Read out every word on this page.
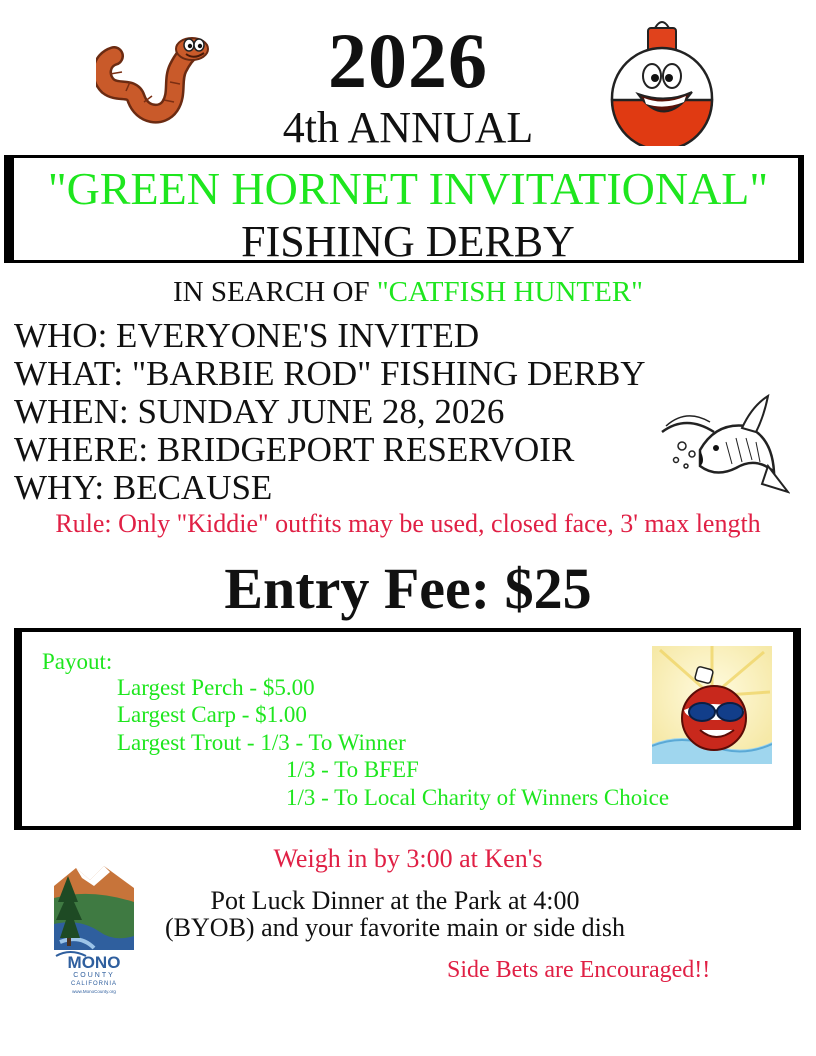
2026
4th ANNUAL
"GREEN HORNET INVITATIONAL"
FISHING DERBY
IN SEARCH OF "CATFISH HUNTER"
WHO: EVERYONE'S INVITED
WHAT: "BARBIE ROD" FISHING DERBY
WHEN: SUNDAY JUNE 28, 2026
WHERE: BRIDGEPORT RESERVOIR
WHY: BECAUSE
Rule: Only "Kiddie" outfits may be used, closed face, 3' max length
Entry Fee: $25
Payout:
Largest Perch - $5.00
Largest Carp - $1.00
Largest Trout - 1/3 - To Winner
1/3 - To BFEF
1/3 - To Local Charity of Winners Choice
Weigh in by 3:00 at Ken's
Pot Luck Dinner at the Park at 4:00
(BYOB) and your favorite main or side dish
Side Bets are Encouraged!!
MONO
COUNTY
CALIFORNIA
www.MonoCounty.org
